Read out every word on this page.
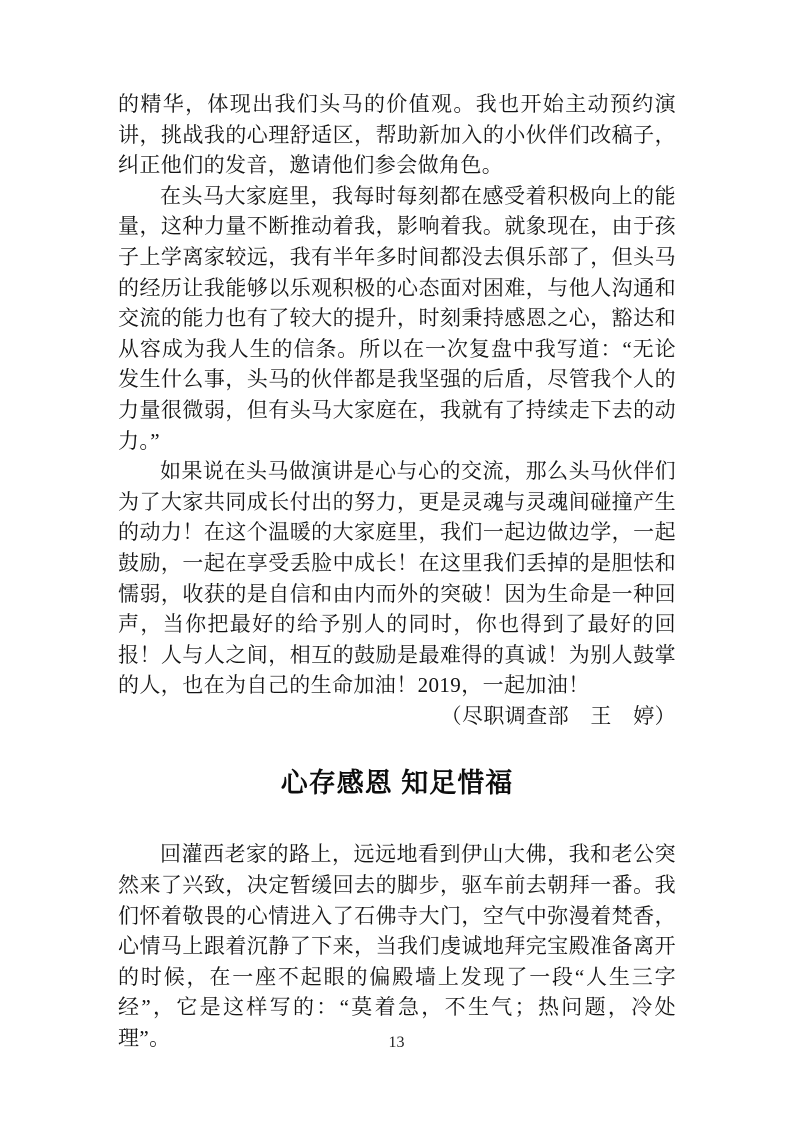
的精华，体现出我们头马的价值观。我也开始主动预约演讲，挑战我的心理舒适区，帮助新加入的小伙伴们改稿子，纠正他们的发音，邀请他们参会做角色。

在头马大家庭里，我每时每刻都在感受着积极向上的能量，这种力量不断推动着我，影响着我。就象现在，由于孩子上学离家较远，我有半年多时间都没去俱乐部了，但头马的经历让我能够以乐观积极的心态面对困难，与他人沟通和交流的能力也有了较大的提升，时刻秉持感恩之心，豁达和从容成为我人生的信条。所以在一次复盘中我写道：“无论发生什么事，头马的伙伴都是我坚强的后盾，尽管我个人的力量很微弱，但有头马大家庭在，我就有了持续走下去的动力。”

如果说在头马做演讲是心与心的交流，那么头马伙伴们为了大家共同成长付出的努力，更是灵魂与灵魂间碰撞产生的动力！在这个温暖的大家庭里，我们一起边做边学，一起鼓励，一起在享受丢脸中成长！在这里我们丢掉的是胆怯和懦弱，收获的是自信和由内而外的突破！因为生命是一种回声，当你把最好的给予别人的同时，你也得到了最好的回报！人与人之间，相互的鼓励是最难得的真诚！为别人鼓掌的人，也在为自己的生命加油！2019，一起加油！

（尽职调查部　王　婷）

心存感恩 知足惜福

回灌西老家的路上，远远地看到伊山大佛，我和老公突然来了兴致，决定暂缓回去的脚步，驱车前去朝拜一番。我们怀着敬畏的心情进入了石佛寺大门，空气中弥漫着梵香，心情马上跟着沉静了下来，当我们虔诚地拜完宝殿准备离开的时候，在一座不起眼的偏殿墙上发现了一段“人生三字经”，它是这样写的：“莫着急，不生气；热问题，冷处理”。	13
